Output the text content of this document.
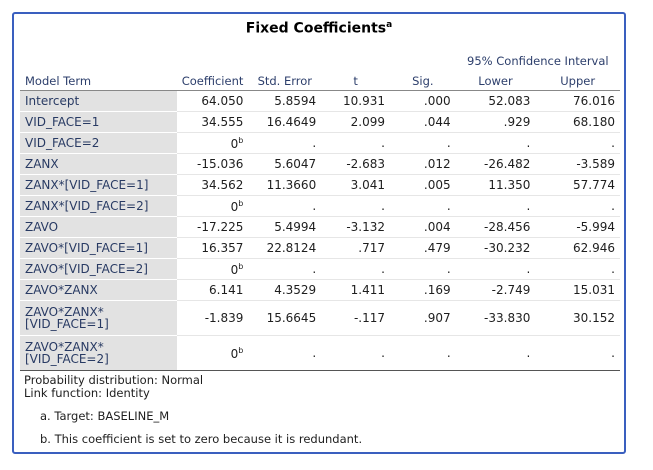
Fixed Coefficients$^a$
					95% Confidence Interval	
Model Term	Coefficient	Std. Error	t	Sig.	Lower	Upper
Intercept	64.050	5.8594	10.931	.000	52.083	76.016
VID_FACE=1	34.555	16.4649	2.099	.044	.929	68.180
VID_FACE=2	0$^b$	.	.	.	.	.
ZANX	-15.036	5.6047	-2.683	.012	-26.482	-3.589
ZANX*[VID_FACE=1]	34.562	11.3660	3.041	.005	11.350	57.774
ZANX*[VID_FACE=2]	0$^b$	.	.	.	.	.
ZAVO	-17.225	5.4994	-3.132	.004	-28.456	-5.994
ZAVO*[VID_FACE=1]	16.357	22.8124	.717	.479	-30.232	62.946
ZAVO*[VID_FACE=2]	0$^b$	.	.	.	.	.
ZAVO*ZANX	6.141	4.3529	1.411	.169	-2.749	15.031
ZAVO*ZANX*
[VID_FACE=1]	-1.839	15.6645	-.117	.907	-33.830	30.152
ZAVO*ZANX*
[VID_FACE=2]	0$^b$	.	.	.	.	.
Probability distribution: Normal
Link function: Identity
a. Target: BASELINE_M
b. This coefficient is set to zero because it is redundant.
